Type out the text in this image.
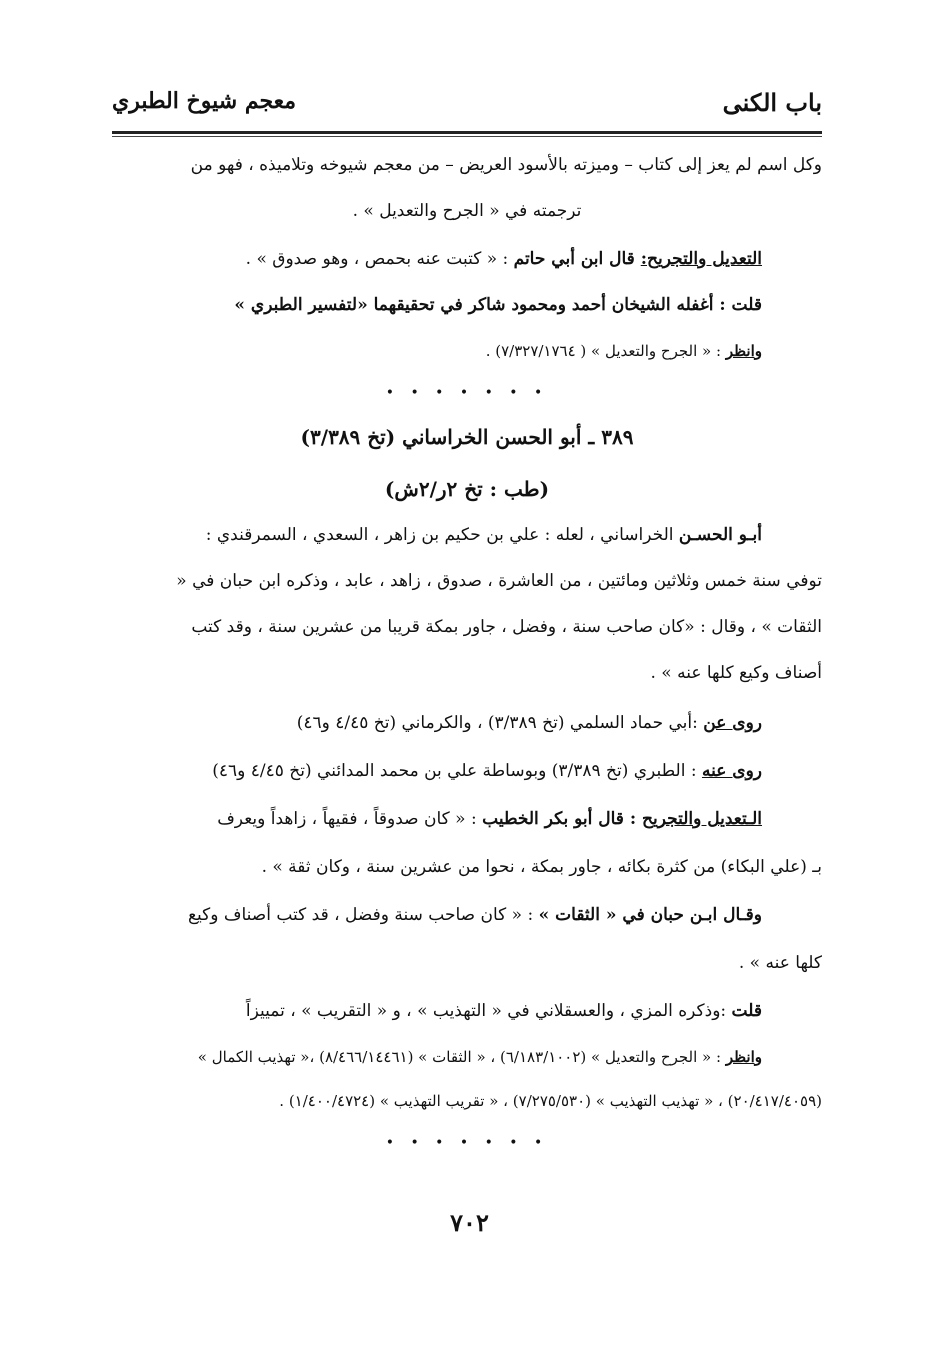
باب الكنى
معجم شيوخ الطبري
وكل اسم لم يعز إلى كتاب – وميزته بالأسود العريض – من معجم شيوخه وتلاميذه ، فهو من
ترجمته في « الجرح والتعديل » .
التعديل والتجريح: قال ابن أبي حاتم : « كتبت عنه بحمص ، وهو صدوق » .
قلت : أغفله الشيخان أحمد ومحمود شاكر في تحقيقهما «لتفسير الطبري »
وانظر : « الجرح والتعديل » ( ٧/٣٢٧/١٧٦٤) .
• • • • • • •
٣٨٩ ـ أبو الحسن الخراساني (تخ ٣/٣٨٩)
(طب : تخ ٢ر/٢ش)
أبـو الحسـن الخراساني ، لعله : علي بن حكيم بن زاهر ، السعدي ، السمرقندي :
توفي سنة خمس وثلاثين ومائتين ، من العاشرة ، صدوق ، زاهد ، عابد ، وذكره ابن حبان في «
الثقات » ، وقال : «كان صاحب سنة ، وفضل ، جاور بمكة قريبا من عشرين سنة ، وقد كتب
أصناف وكيع كلها عنه » .
روى عن :أبي حماد السلمي (تخ ٣/٣٨٩) ، والكرماني (تخ ٤/٤٥ و٤٦)
روى عنه : الطبري (تخ ٣/٣٨٩) وبوساطة علي بن محمد المدائني (تخ ٤/٤٥ و٤٦)
الـتعديل والتجريح : قال أبو بكر الخطيب : « كان صدوقاً ، فقيهاً ، زاهداً ويعرف
بـ (علي البكاء) من كثرة بكائه ، جاور بمكة ، نحوا من عشرين سنة ، وكان ثقة » .
وقـال ابـن حبان في « الثقات » : « كان صاحب سنة وفضل ، قد كتب أصناف وكيع
كلها عنه » .
قلت :وذكره المزي ، والعسقلاني في « التهذيب » ، و « التقريب » ، تمييزاً
وانظر : « الجرح والتعديل » (٦/١٨٣/١٠٠٢) ، « الثقات » (٨/٤٦٦/١٤٤٦١) ،« تهذيب الكمال »
(٢٠/٤١٧/٤٠٥٩) ، « تهذيب التهذيب » (٧/٢٧٥/٥٣٠) ، « تقريب التهذيب » (١/٤٠٠/٤٧٢٤) .
• • • • • • •
٧٠٢
